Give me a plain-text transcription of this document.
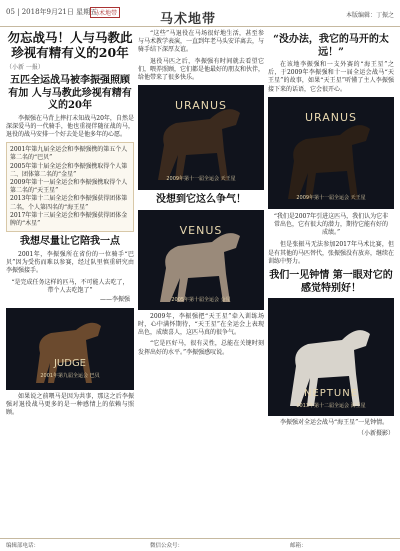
05 | 2018年9月21日 星期五
马术地带	马术地带	本版编辑：丁振之
勿忘战马！人与马教此珍视有精有义的20年
（小新 一报）
五匹全运战马被李振强照顾有加 人与马教此珍视有精有义的20年

李振强在马背上摔打未知战马20年，自然是深深爱马的一代骑手，他也重视伴随征战的马，退役的战马安排一个好去处是他多年的心愿。

2001年第九届全运会和李振强携的第五个人第二名的“巴贝”
2005年第十届全运会和李振强携取得个人第二、团体第二名的“金星”
2009年第十一届全运会和李振强携取得个人第二名的“天王星”
2013年第十二届全运会和李振强获得团体第二名，个人第四名的“海王星”
2017年第十三届全运会和李振强获得团体金牌的“木星”
我想尽量让它陪我一点

2001年，李振强所在省份的一位骑手“巴贝”因为受伤而难以参赛，经过队里慎重研究由李振强接手。

“是完成任务这样的匹马，不可能人去吃了，带个人去吃饱了”
——李振强
JUDGE
2001年第九届全运会 巴贝

如果说之前喂马是因为共事，那这之后李振强对退役战马更多的是一种感情上的依赖与照顾。

“这些”马退役在马场很好地生活，甚至参与马术教学表演，一直到年老马头安详离去，与骑手结下深厚友谊。

退役马匹之后，李振强有时间就去看望它们，喂养照顾，它们都是他最好的朋友和伙伴，给他带来了很多快乐。

URANUS
2009年第十一届全运会 天王星
没想到它这么争气！
VENUS
2005年第十届全运会 金星

2009年，李振强把“天王星”牵入训练场时，心中满怀期待，“天王星”在全运会上表现出色，成绩喜人，这匹马真的很争气。

“它是匹好马，很有灵性，总能在关键时刻发挥出好的水平。”李振强感叹说。

“没办法，我它的马开的太远！”

在该地李振强和一支外赛的“海王星”之后，于2009年李振强和十一届全运会战马“天王星”的故事，如果“天王星”听懂了主人李振强接下来的话语，它会很开心。

URANUS
2009年第十一届全运会 天王星
“我们是2007年引进这匹马，我们认为它非常出色，它有很大的潜力，期待它能有好的成绩。”

但是张振马无法参加2017年马术比赛，但是有其他的马匹替代，张振强没有放弃，继续在训练中努力。

我们一见钟情 第一眼对它的感觉特别好！
NEPTUNE
2013年第十二届全运会 海王星

李振强对全运会战马“海王星”一见钟情。

（小新摄影）
编辑部电话：	微信公众号：	邮箱：
